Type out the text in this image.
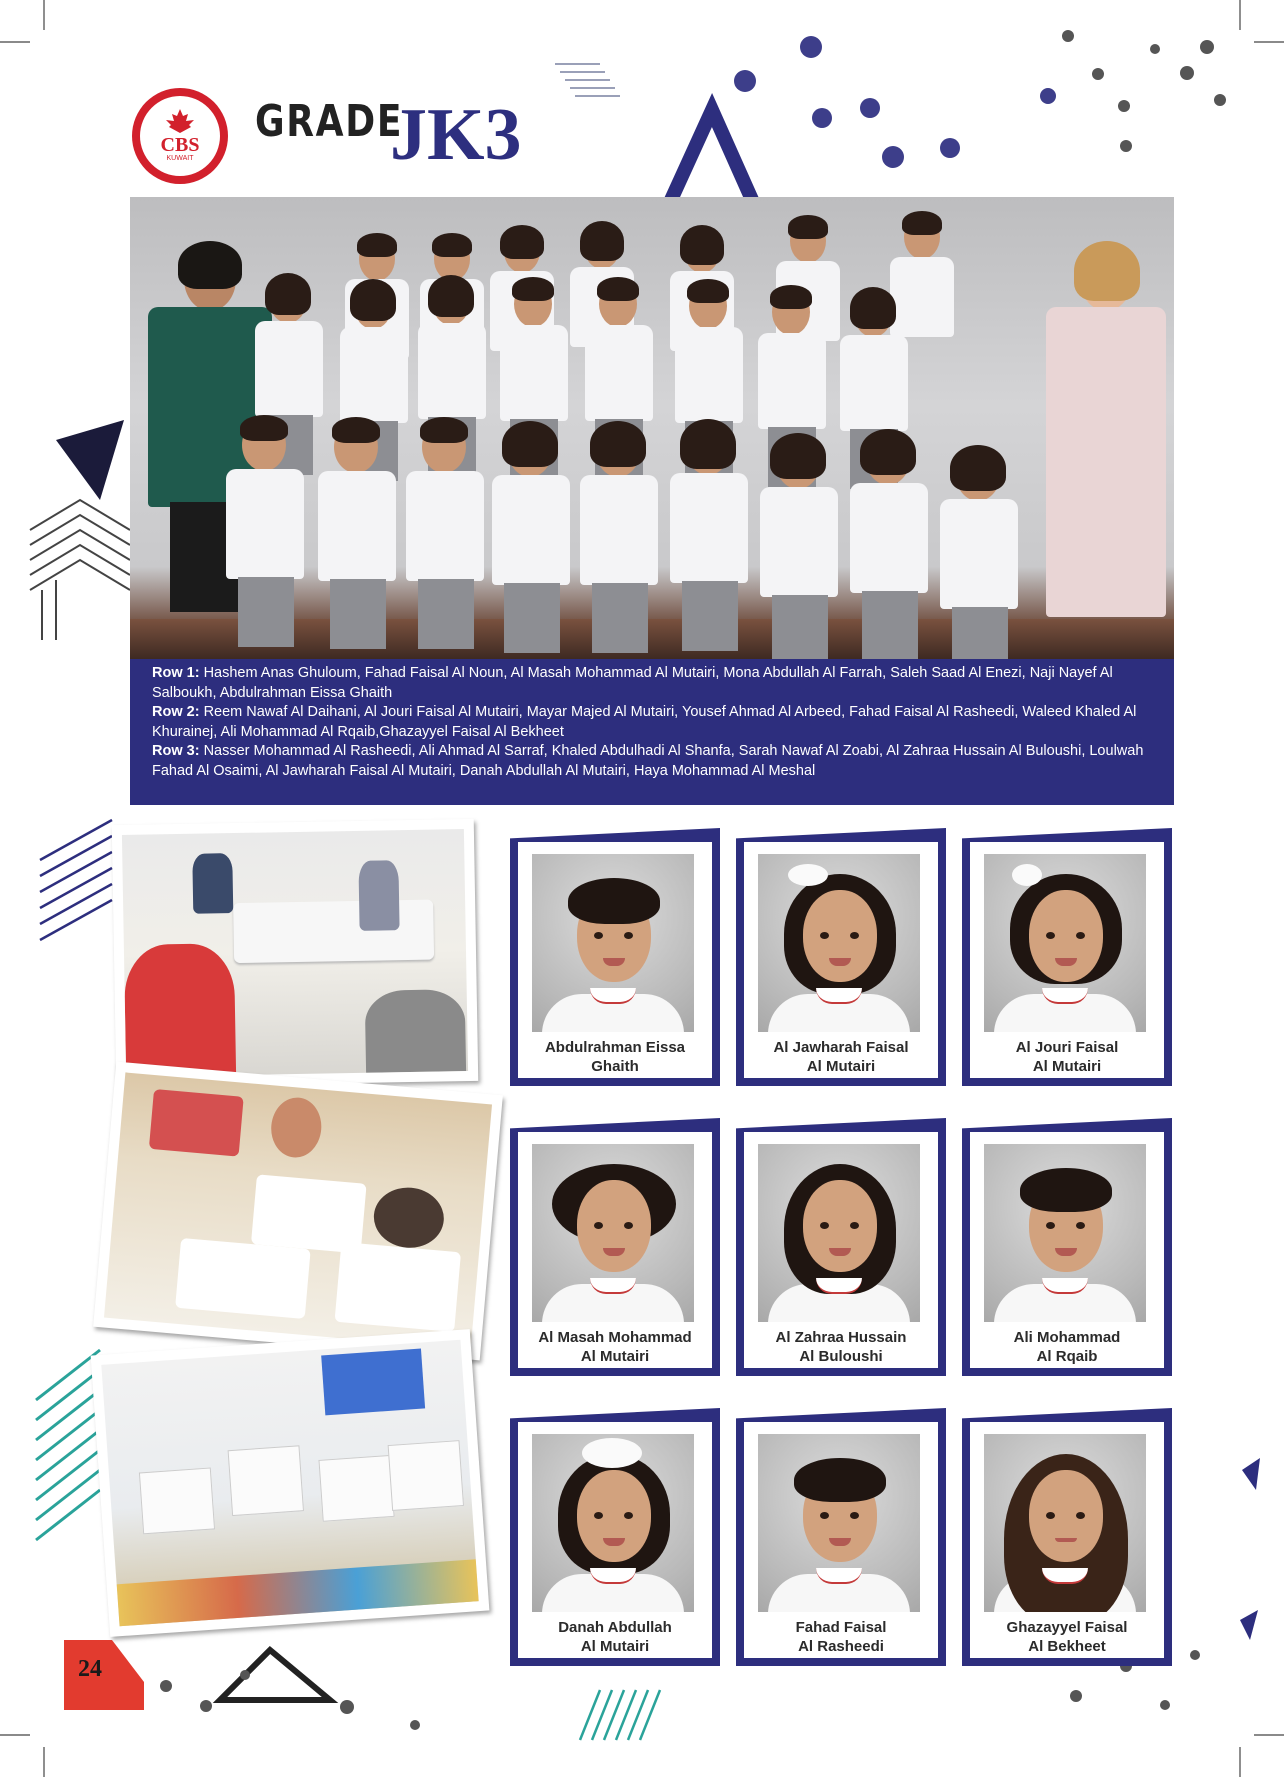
CBS
KUWAIT
GRADE
JK3
Row 1: Hashem Anas Ghuloum, Fahad Faisal Al Noun, Al Masah Mohammad Al Mutairi, Mona Abdullah Al Farrah, Saleh Saad Al Enezi, Naji Nayef Al Salboukh, Abdulrahman Eissa Ghaith
Row 2: Reem Nawaf Al Daihani, Al Jouri Faisal Al Mutairi, Mayar Majed Al Mutairi, Yousef Ahmad Al Arbeed, Fahad Faisal Al Rasheedi, Waleed Khaled Al Khurainej, Ali Mohammad Al Rqaib,Ghazayyel Faisal Al Bekheet
Row 3: Nasser Mohammad Al Rasheedi, Ali Ahmad Al Sarraf, Khaled Abdulhadi Al Shanfa, Sarah Nawaf Al Zoabi, Al Zahraa Hussain Al Buloushi, Loulwah Fahad Al Osaimi, Al Jawharah Faisal Al Mutairi, Danah Abdullah Al Mutairi, Haya Mohammad Al Meshal
Abdulrahman Eissa
Ghaith
Al Jawharah Faisal
Al Mutairi
Al Jouri Faisal
Al Mutairi
Al Masah Mohammad
Al Mutairi
Al Zahraa Hussain
Al Buloushi
Ali Mohammad
Al Rqaib
Danah Abdullah
Al Mutairi
Fahad Faisal
Al Rasheedi
Ghazayyel Faisal
Al Bekheet
24
